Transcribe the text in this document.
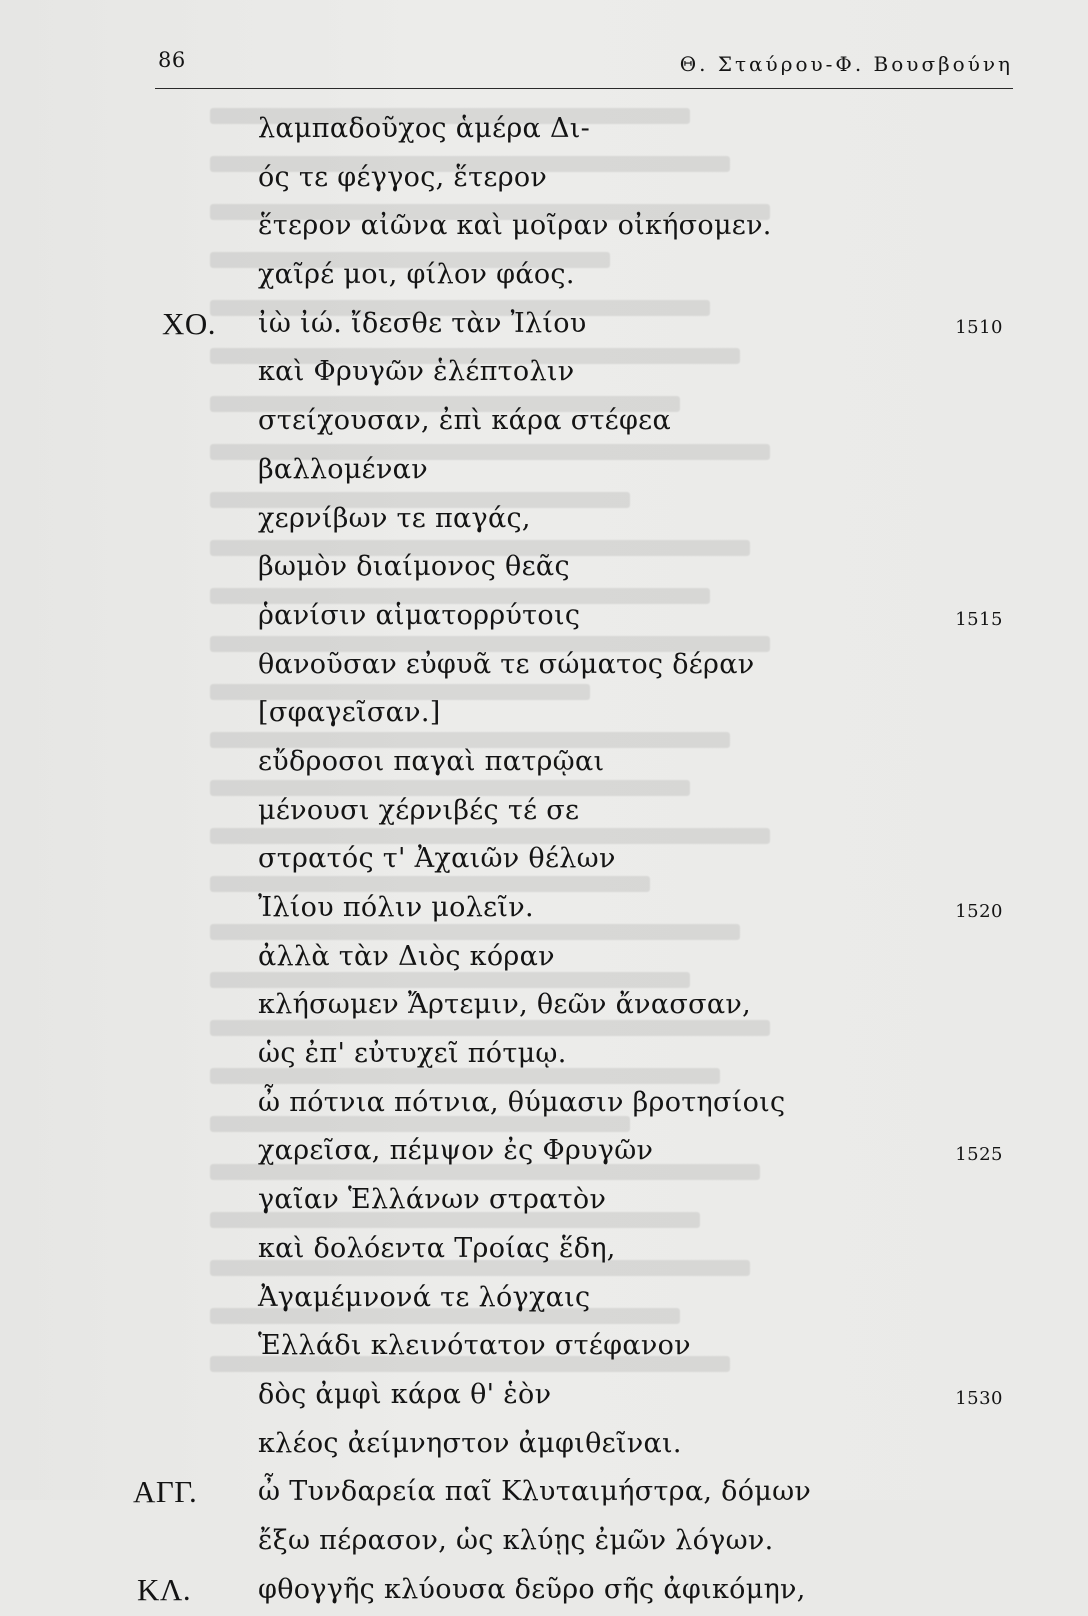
86	Θ. Σταύρου-Φ. Βουσβούνη
λαμπαδοῦχος ἁμέρα Δι-
ός τε φέγγος, ἕτερον
ἕτερον αἰῶνα καὶ μοῖραν οἰκήσομεν.
χαῖρέ μοι, φίλον φάος.
ΧΟ. ἰὼ ἰώ. ἴδεσθε τὰν Ἰλίου	1510
καὶ Φρυγῶν ἑλέπτολιν
στείχουσαν, ἐπὶ κάρα στέφεα
βαλλομέναν
χερνίβων τε παγάς,
βωμὸν διαίμονος θεᾶς
ῥανίσιν αἱματορρύτοις	1515
θανοῦσαν εὐφυᾶ τε σώματος δέραν
[σφαγεῖσαν.]
εὔδροσοι παγαὶ πατρῷαι
μένουσι χέρνιβές τέ σε
στρατός τ' Ἀχαιῶν θέλων
Ἰλίου πόλιν μολεῖν.	1520
ἀλλὰ τὰν Διὸς κόραν
κλήσωμεν Ἄρτεμιν, θεῶν ἄνασσαν,
ὡς ἐπ' εὐτυχεῖ πότμῳ.
ὦ πότνια πότνια, θύμασιν βροτησίοις
χαρεῖσα, πέμψον ἐς Φρυγῶν	1525
γαῖαν Ἑλλάνων στρατὸν
καὶ δολόεντα Τροίας ἕδη,
Ἀγαμέμνονά τε λόγχαις
Ἑλλάδι κλεινότατον στέφανον
δὸς ἀμφὶ κάρα θ' ἑὸν	1530
κλέος ἀείμνηστον ἀμφιθεῖναι.
ΑΓΓ. ὦ Τυνδαρεία παῖ Κλυταιμήστρα, δόμων
ἔξω πέρασον, ὡς κλύῃς ἐμῶν λόγων.
ΚΛ. φθογγῆς κλύουσα δεῦρο σῆς ἀφικόμην,
